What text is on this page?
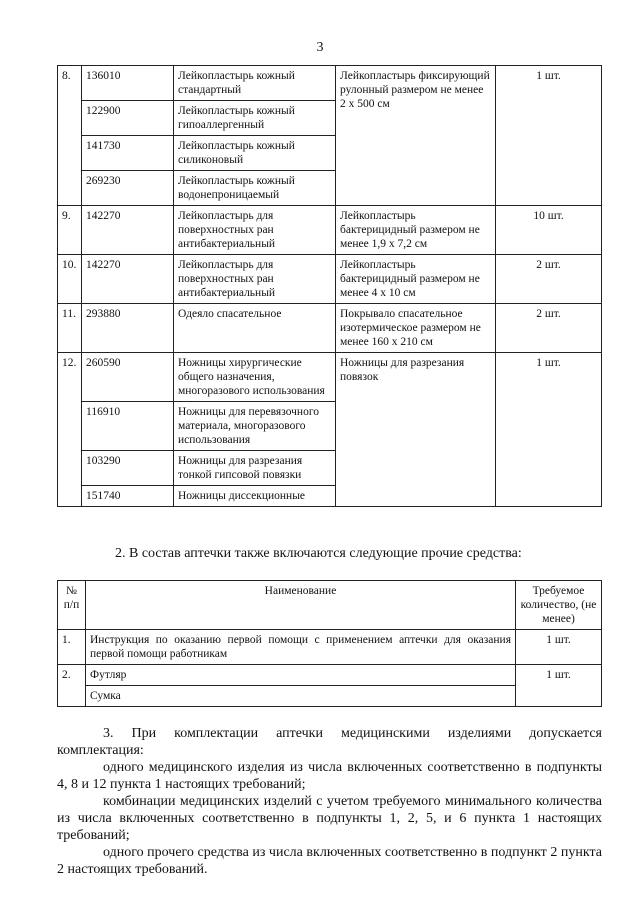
3
8.	136010	Лейкопластырь кожный стандартный	Лейкопластырь фиксирующий рулонный размером не менее 2 х 500 см	1 шт.
	122900	Лейкопластырь кожный гипоаллергенный		
	141730	Лейкопластырь кожный силиконовый		
	269230	Лейкопластырь кожный водонепроницаемый		
9.	142270	Лейкопластырь для поверхностных ран антибактериальный	Лейкопластырь бактерицидный размером не менее 1,9 х 7,2 см	10 шт.
10.	142270	Лейкопластырь для поверхностных ран антибактериальный	Лейкопластырь бактерицидный размером не менее 4 х 10 см	2 шт.
11.	293880	Одеяло спасательное	Покрывало спасательное изотермическое размером не менее 160 х 210 см	2 шт.
12.	260590	Ножницы хирургические общего назначения, многоразового использования	Ножницы для разрезания повязок	1 шт.
	116910	Ножницы для перевязочного материала, многоразового использования		
	103290	Ножницы для разрезания тонкой гипсовой повязки		
	151740	Ножницы диссекционные		
2. В состав аптечки также включаются следующие прочие средства:
№ п/п	Наименование	Требуемое количество, (не менее)
1.	Инструкция по оказанию первой помощи с применением аптечки для оказания первой помощи работникам	1 шт.
2.	Футляр	1 шт.
	Сумка	
3. При комплектации аптечки медицинскими изделиями допускается комплектация:
одного медицинского изделия из числа включенных соответственно в подпункты 4, 8 и 12 пункта 1 настоящих требований;
комбинации медицинских изделий с учетом требуемого минимального количества из числа включенных соответственно в подпункты 1, 2, 5, и 6 пункта 1 настоящих требований;
одного прочего средства из числа включенных соответственно в подпункт 2 пункта 2 настоящих требований.
